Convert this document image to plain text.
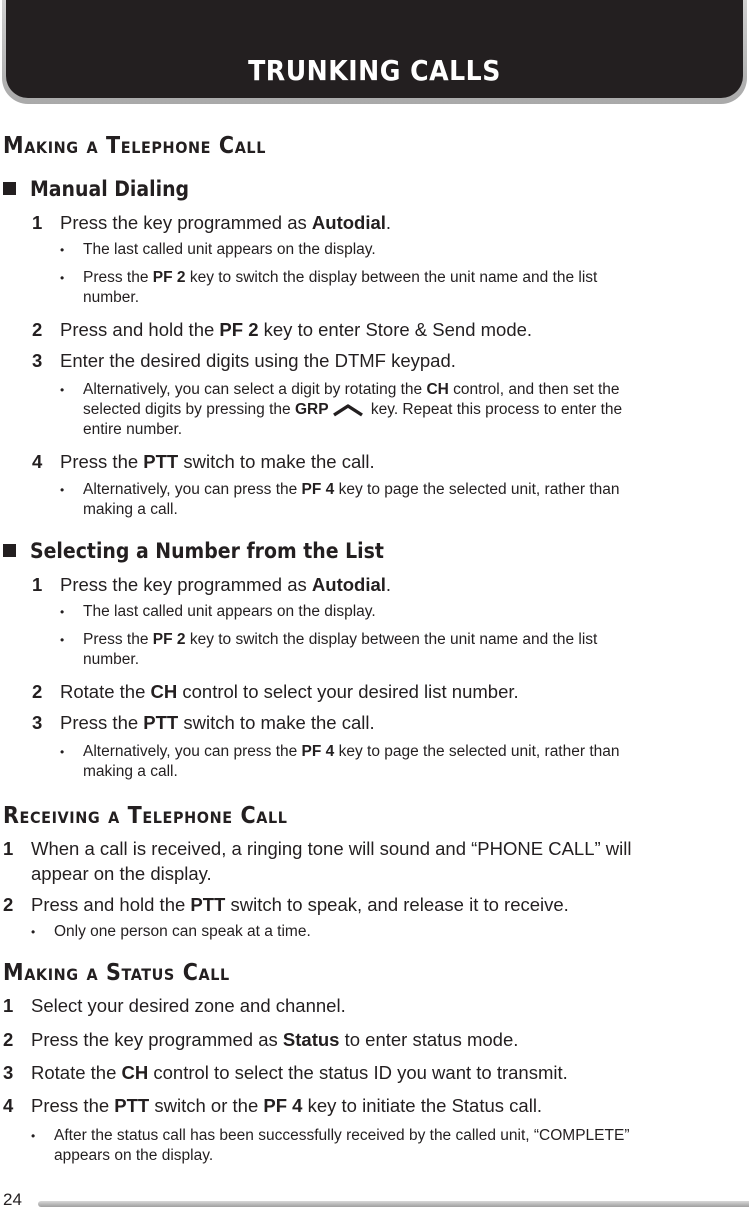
TRUNKING CALLS
Making a Telephone Call
Manual Dialing
1 Press the key programmed as Autodial.
• The last called unit appears on the display.
• Press the PF 2 key to switch the display between the unit name and the list
number.
2 Press and hold the PF 2 key to enter Store & Send mode.
3 Enter the desired digits using the DTMF keypad.
• Alternatively, you can select a digit by rotating the CH control, and then set the
selected digits by pressing the GRP key. Repeat this process to enter the
entire number.
4 Press the PTT switch to make the call.
• Alternatively, you can press the PF 4 key to page the selected unit, rather than
making a call.
Selecting a Number from the List
1 Press the key programmed as Autodial.
• The last called unit appears on the display.
• Press the PF 2 key to switch the display between the unit name and the list
number.
2 Rotate the CH control to select your desired list number.
3 Press the PTT switch to make the call.
• Alternatively, you can press the PF 4 key to page the selected unit, rather than
making a call.
Receiving a Telephone Call
1 When a call is received, a ringing tone will sound and “PHONE CALL” will
appear on the display.
2 Press and hold the PTT switch to speak, and release it to receive.
• Only one person can speak at a time.
Making a Status Call
1 Select your desired zone and channel.
2 Press the key programmed as Status to enter status mode.
3 Rotate the CH control to select the status ID you want to transmit.
4 Press the PTT switch or the PF 4 key to initiate the Status call.
• After the status call has been successfully received by the called unit, “COMPLETE”
appears on the display.
24
